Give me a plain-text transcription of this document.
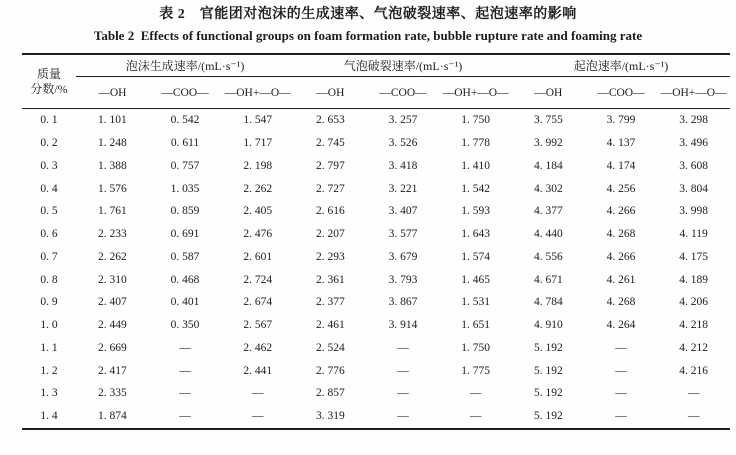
表 2　官能团对泡沫的生成速率、气泡破裂速率、起泡速率的影响
Table 2  Effects of functional groups on foam formation rate, bubble rupture rate and foaming rate
质量
分数/%	泡沫生成速率/(mL·s⁻¹)			气泡破裂速率/(mL·s⁻¹)			起泡速率/(mL·s⁻¹)		
	—OH	—COO—	—OH+—O—	—OH	—COO—	—OH+—O—	—OH	—COO—	—OH+—O—
0. 1	1. 101	0. 542	1. 547	2. 653	3. 257	1. 750	3. 755	3. 799	3. 298
0. 2	1. 248	0. 611	1. 717	2. 745	3. 526	1. 778	3. 992	4. 137	3. 496
0. 3	1. 388	0. 757	2. 198	2. 797	3. 418	1. 410	4. 184	4. 174	3. 608
0. 4	1. 576	1. 035	2. 262	2. 727	3. 221	1. 542	4. 302	4. 256	3. 804
0. 5	1. 761	0. 859	2. 405	2. 616	3. 407	1. 593	4. 377	4. 266	3. 998
0. 6	2. 233	0. 691	2. 476	2. 207	3. 577	1. 643	4. 440	4. 268	4. 119
0. 7	2. 262	0. 587	2. 601	2. 293	3. 679	1. 574	4. 556	4. 266	4. 175
0. 8	2. 310	0. 468	2. 724	2. 361	3. 793	1. 465	4. 671	4. 261	4. 189
0. 9	2. 407	0. 401	2. 674	2. 377	3. 867	1. 531	4. 784	4. 268	4. 206
1. 0	2. 449	0. 350	2. 567	2. 461	3. 914	1. 651	4. 910	4. 264	4. 218
1. 1	2. 669	—	2. 462	2. 524	—	1. 750	5. 192	—	4. 212
1. 2	2. 417	—	2. 441	2. 776	—	1. 775	5. 192	—	4. 216
1. 3	2. 335	—	—	2. 857	—	—	5. 192	—	—
1. 4	1. 874	—	—	3. 319	—	—	5. 192	—	—
